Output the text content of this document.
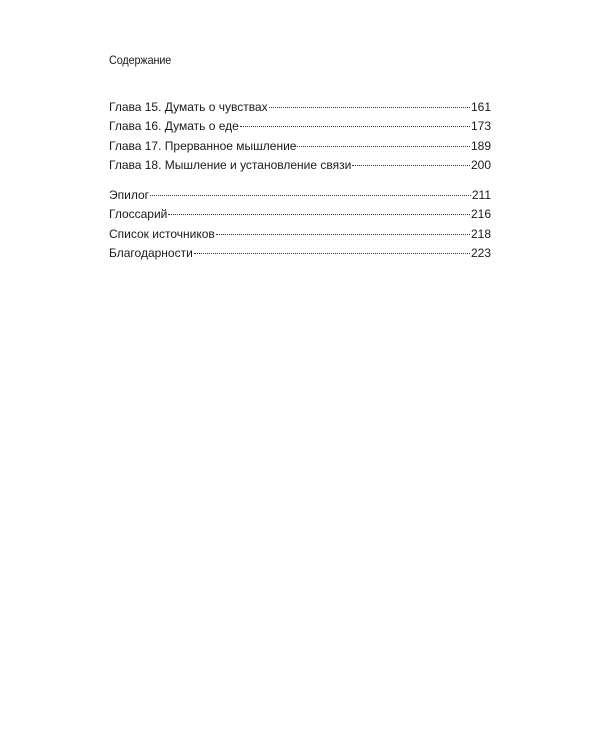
Содержание
Глава 15. Думать о чувствах	161
Глава 16. Думать о еде	173
Глава 17. Прерванное мышление	189
Глава 18. Мышление и установление связи	200
Эпилог	211
Глоссарий	216
Список источников	218
Благодарности	223
